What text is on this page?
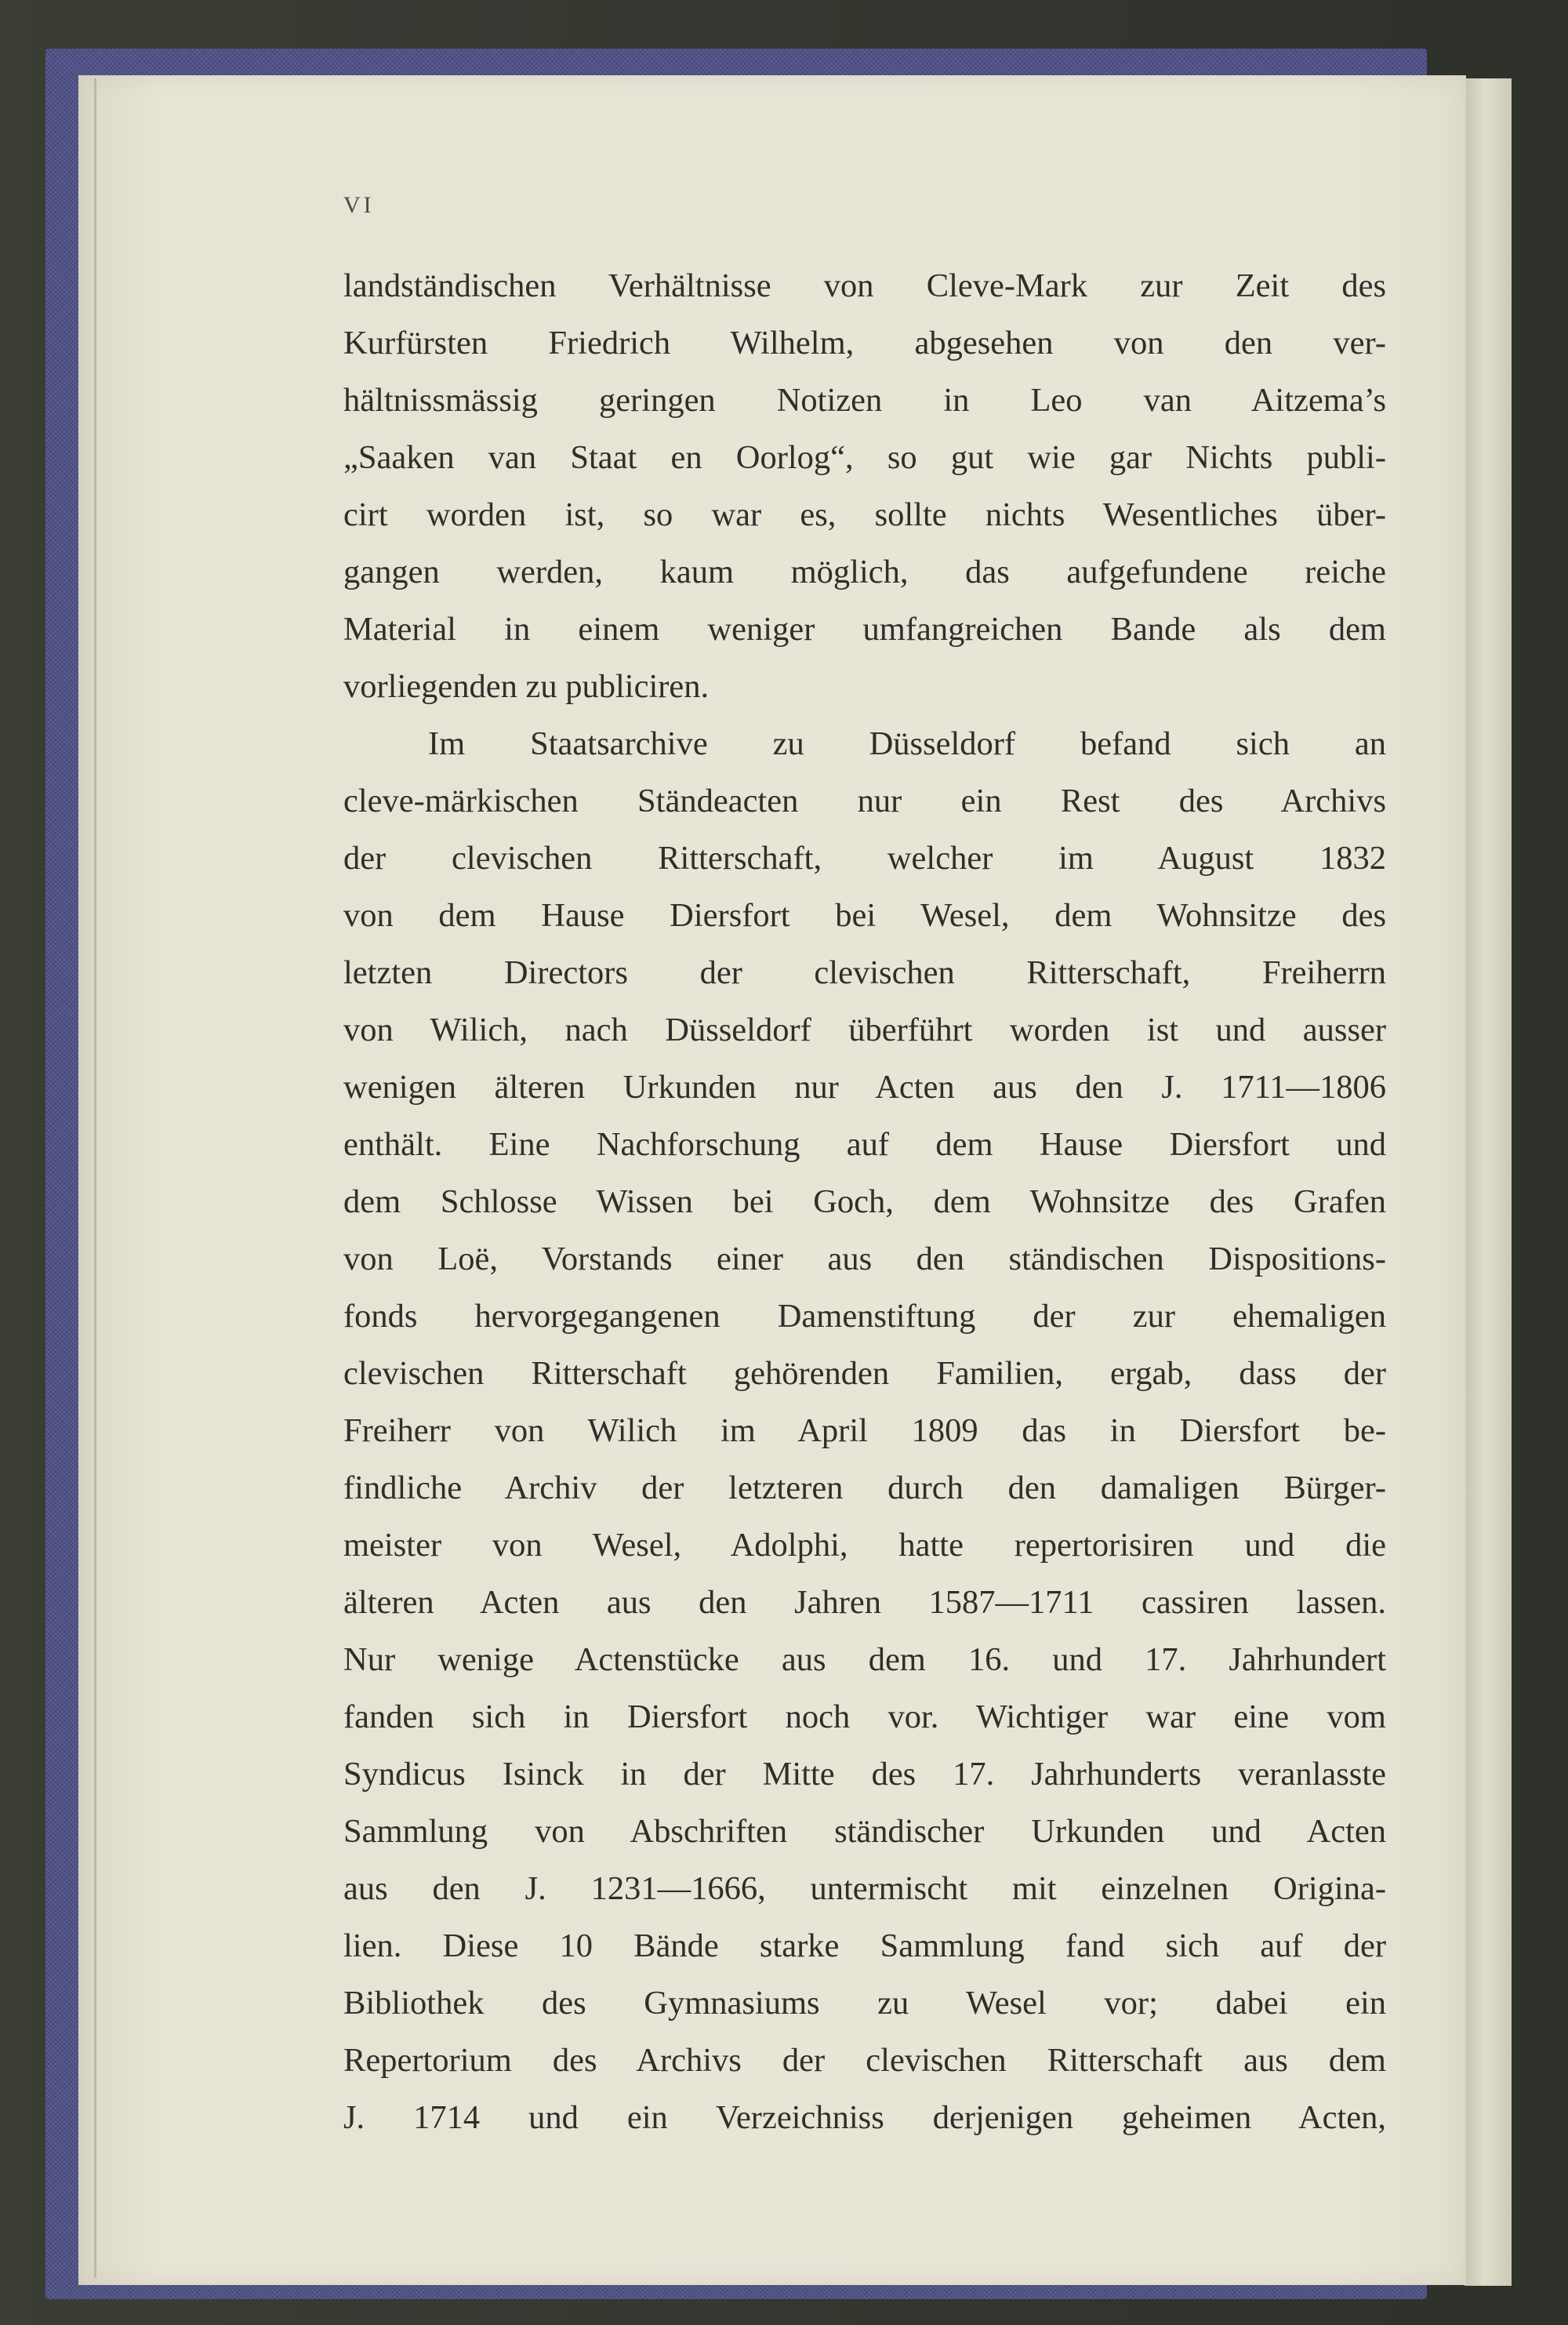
VI
landständischen Verhältnisse von Cleve-Mark zur Zeit des
Kurfürsten Friedrich Wilhelm, abgesehen von den ver-
hältnissmässig geringen Notizen in Leo van Aitzema’s
„Saaken van Staat en Oorlog“, so gut wie gar Nichts publi-
cirt worden ist, so war es, sollte nichts Wesentliches über-
gangen werden, kaum möglich, das aufgefundene reiche
Material in einem weniger umfangreichen Bande als dem
vorliegenden zu publiciren.
Im Staatsarchive zu Düsseldorf befand sich an
cleve-märkischen Ständeacten nur ein Rest des Archivs
der clevischen Ritterschaft, welcher im August 1832
von dem Hause Diersfort bei Wesel, dem Wohnsitze des
letzten Directors der clevischen Ritterschaft, Freiherrn
von Wilich, nach Düsseldorf überführt worden ist und ausser
wenigen älteren Urkunden nur Acten aus den J. 1711—1806
enthält. Eine Nachforschung auf dem Hause Diersfort und
dem Schlosse Wissen bei Goch, dem Wohnsitze des Grafen
von Loë, Vorstands einer aus den ständischen Dispositions-
fonds hervorgegangenen Damenstiftung der zur ehemaligen
clevischen Ritterschaft gehörenden Familien, ergab, dass der
Freiherr von Wilich im April 1809 das in Diersfort be-
findliche Archiv der letzteren durch den damaligen Bürger-
meister von Wesel, Adolphi, hatte repertorisiren und die
älteren Acten aus den Jahren 1587—1711 cassiren lassen.
Nur wenige Actenstücke aus dem 16. und 17. Jahrhundert
fanden sich in Diersfort noch vor. Wichtiger war eine vom
Syndicus Isinck in der Mitte des 17. Jahrhunderts veranlasste
Sammlung von Abschriften ständischer Urkunden und Acten
aus den J. 1231—1666, untermischt mit einzelnen Origina-
lien. Diese 10 Bände starke Sammlung fand sich auf der
Bibliothek des Gymnasiums zu Wesel vor; dabei ein
Repertorium des Archivs der clevischen Ritterschaft aus dem
J. 1714 und ein Verzeichniss derjenigen geheimen Acten,
